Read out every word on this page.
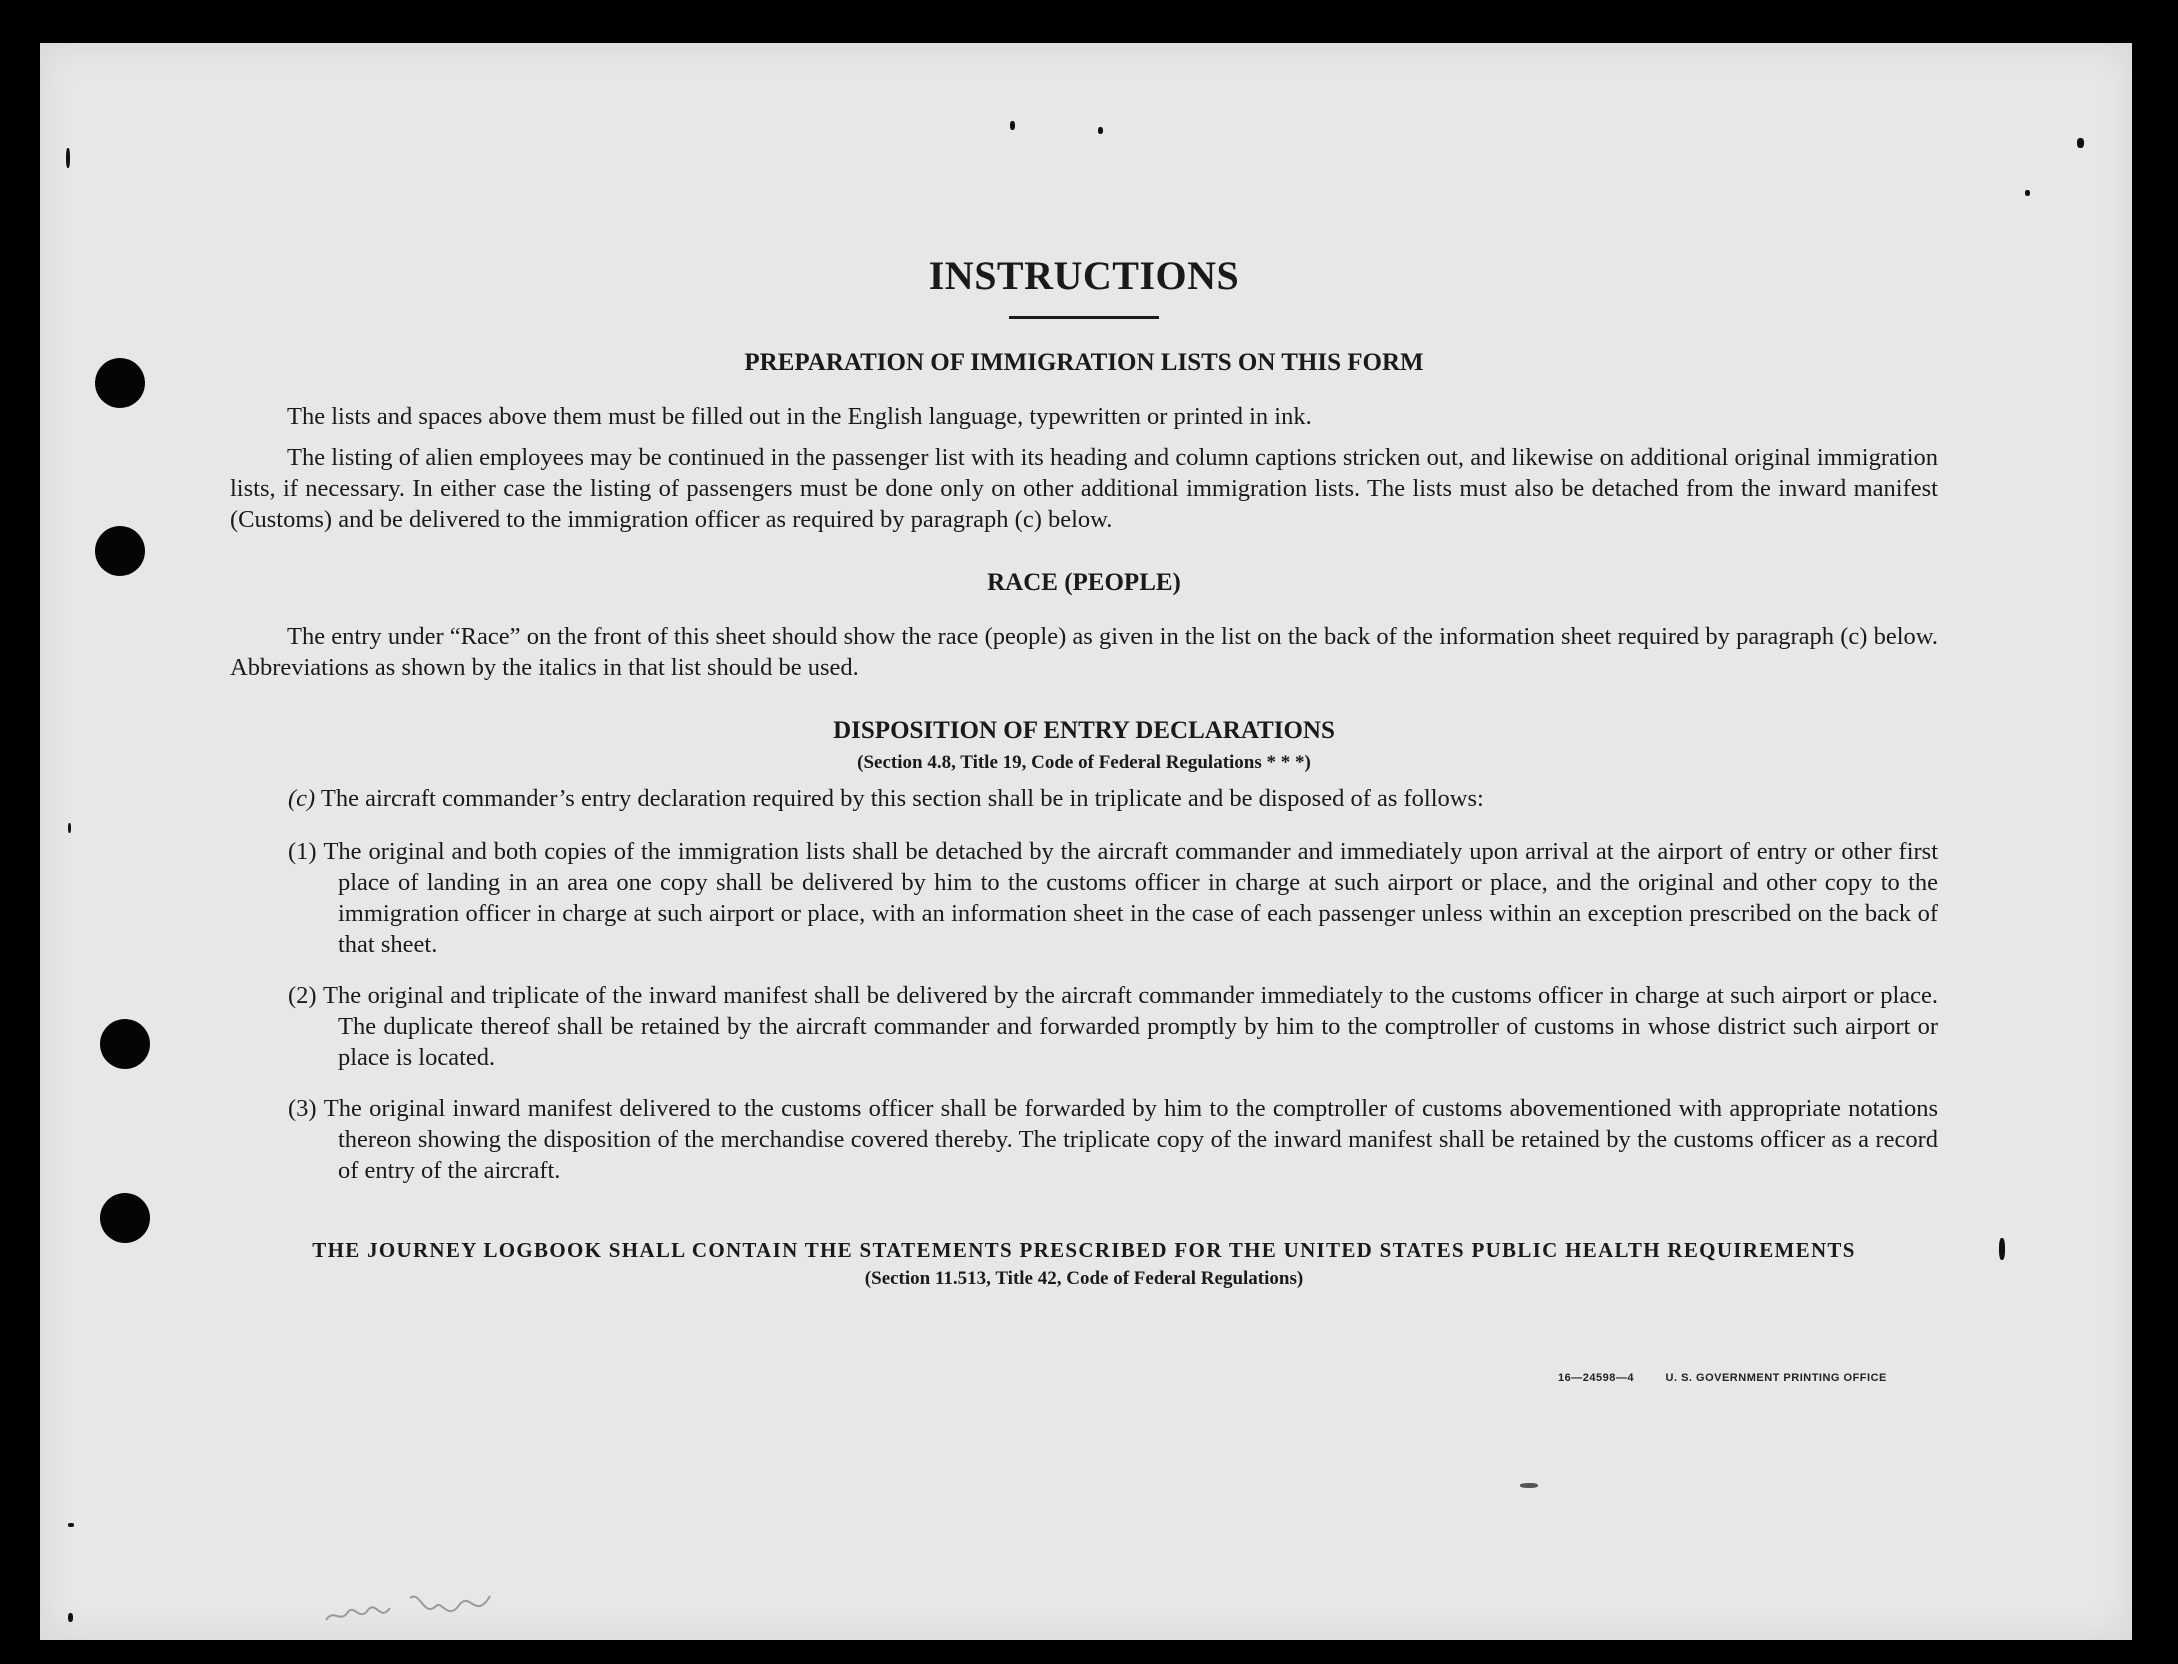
INSTRUCTIONS
PREPARATION OF IMMIGRATION LISTS ON THIS FORM

The lists and spaces above them must be filled out in the English language, typewritten or printed in ink.

The listing of alien employees may be continued in the passenger list with its heading and column captions stricken out, and likewise on additional original immigration lists, if necessary. In either case the listing of passengers must be done only on other additional immigration lists. The lists must also be detached from the inward manifest (Customs) and be delivered to the immigration officer as required by paragraph (c) below.

RACE (PEOPLE)

The entry under “Race” on the front of this sheet should show the race (people) as given in the list on the back of the information sheet required by paragraph (c) below. Abbreviations as shown by the italics in that list should be used.

DISPOSITION OF ENTRY DECLARATIONS

(Section 4.8, Title 19, Code of Federal Regulations * * *)

(c) The aircraft commander’s entry declaration required by this section shall be in triplicate and be disposed of as follows:

(1) The original and both copies of the immigration lists shall be detached by the aircraft commander and immediately upon arrival at the airport of entry or other first place of landing in an area one copy shall be delivered by him to the customs officer in charge at such airport or place, and the original and other copy to the immigration officer in charge at such airport or place, with an information sheet in the case of each passenger unless within an exception prescribed on the back of that sheet.

(2) The original and triplicate of the inward manifest shall be delivered by the aircraft commander immediately to the customs officer in charge at such airport or place. The duplicate thereof shall be retained by the aircraft commander and forwarded promptly by him to the comptroller of customs in whose district such airport or place is located.

(3) The original inward manifest delivered to the customs officer shall be forwarded by him to the comptroller of customs abovementioned with appropriate notations thereon showing the disposition of the merchandise covered thereby. The triplicate copy of the inward manifest shall be retained by the customs officer as a record of entry of the aircraft.

THE JOURNEY LOGBOOK SHALL CONTAIN THE STATEMENTS PRESCRIBED FOR THE UNITED STATES PUBLIC HEALTH REQUIREMENTS

(Section 11.513, Title 42, Code of Federal Regulations)

16—24598—4	U. S. GOVERNMENT PRINTING OFFICE
